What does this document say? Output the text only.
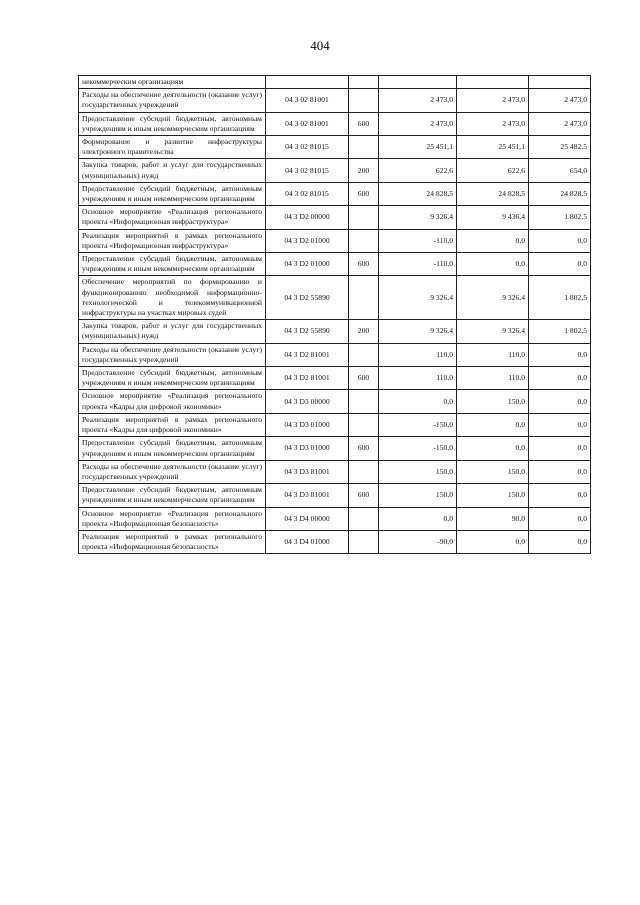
404
некоммерческим организациям					
Расходы на обеспечение деятельности (оказание услуг) государственных учреждений	04 3 02 81001		2 473,0	2 473,0	2 473,0
Предоставление субсидий бюджетным, автономным учреждениям и иным некоммерческим организациям	04 3 02 81001	600	2 473,0	2 473,0	2 473,0
Формирование и развитие инфраструктуры электронного правительства	04 3 02 81015		25 451,1	25 451,1	25 482,5
Закупка товаров, работ и услуг для государственных (муниципальных) нужд	04 3 02 81015	200	622,6	622,6	654,0
Предоставление субсидий бюджетным, автономным учреждениям и иным некоммерческим организациям	04 3 02 81015	600	24 828,5	24 828,5	24 828,5
Основное мероприятие «Реализация регионального проекта «Информационная инфраструктура»	04 3 D2 00000		9 326,4	9 436,4	1 802,5
Реализация мероприятий в рамках регионального проекта «Информационная инфраструктура»	04 3 D2 01000		-110,0	0,0	0,0
Предоставление субсидий бюджетным, автономным учреждениям и иным некоммерческим организациям	04 3 D2 01000	600	-110,0	0,0	0,0
Обеспечение мероприятий по формированию и функционированию необходимой информационно-технологической и телекоммуникационной инфраструктуры на участках мировых судей	04 3 D2 55890		9 326,4	9 326,4	1 802,5
Закупка товаров, работ и услуг для государственных (муниципальных) нужд	04 3 D2 55890	200	9 326,4	9 326,4	1 802,5
Расходы на обеспечение деятельности (оказание услуг) государственных учреждений	04 3 D2 81001		110,0	110,0	0,0
Предоставление субсидий бюджетным, автономным учреждениям и иным некоммерческим организациям	04 3 D2 81001	600	110,0	110,0	0,0
Основное мероприятие «Реализация регионального проекта «Кадры для цифровой экономики»	04 3 D3 00000		0,0	150,0	0,0
Реализация мероприятий в рамках регионального проекта «Кадры для цифровой экономики»	04 3 D3 01000		-150,0	0,0	0,0
Предоставление субсидий бюджетным, автономным учреждениям и иным некоммерческим организациям	04 3 D3 01000	600	-150,0	0,0	0,0
Расходы на обеспечение деятельности (оказание услуг) государственных учреждений	04 3 D3 81001		150,0	150,0	0,0
Предоставление субсидий бюджетным, автономным учреждениям и иным некоммерческим организациям	04 3 D3 81001	600	150,0	150,0	0,0
Основное мероприятие «Реализация регионального проекта «Информационная безопасность»	04 3 D4 00000		0,0	90,0	0,0
Реализация мероприятий в рамках регионального проекта «Информационная безопасность»	04 3 D4 01000		-90,0	0,0	0,0
